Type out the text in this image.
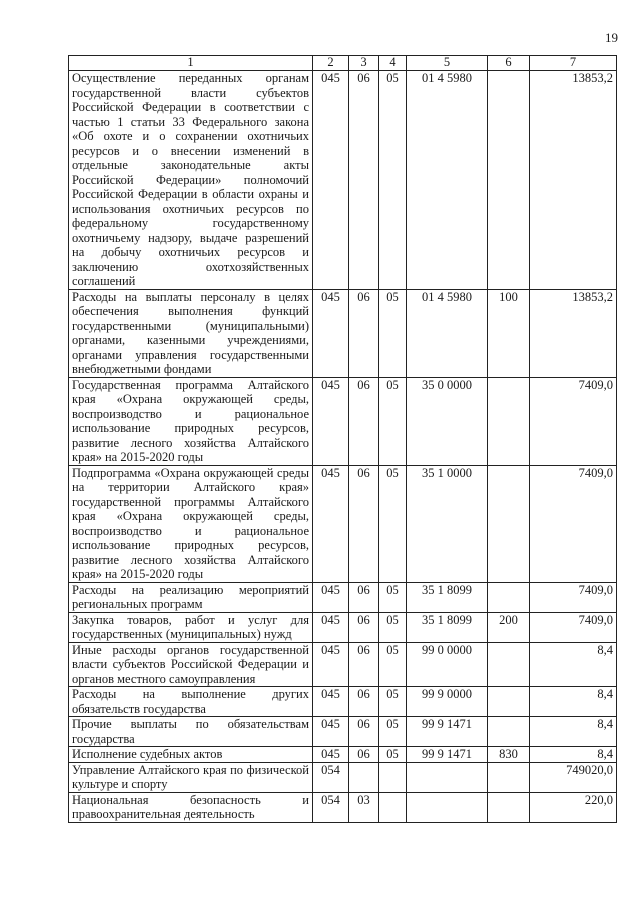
19
1	2	3	4	5	6	7
Осуществление переданных органам государственной власти субъектов Российской Федерации в соответствии с частью 1 статьи 33 Федерального закона «Об охоте и о сохранении охотничьих ресурсов и о внесении изменений в отдельные законодательные акты Российской Федерации» полномочий Российской Федерации в области охраны и использования охотничьих ресурсов по федеральному государственному охотничьему надзору, выдаче разрешений на добычу охотничьих ресурсов и заключению охотхозяйственных соглашений	045	06	05	01 4 5980		13853,2
Расходы на выплаты персоналу в целях обеспечения выполнения функций государственными (муниципальными) органами, казенными учреждениями, органами управления государственными внебюджетными фондами	045	06	05	01 4 5980	100	13853,2
Государственная программа Алтайского края «Охрана окружающей среды, воспроизводство и рациональное использование природных ресурсов, развитие лесного хозяйства Алтайского края» на 2015-2020 годы	045	06	05	35 0 0000		7409,0
Подпрограмма «Охрана окружающей среды на территории Алтайского края» государственной программы Алтайского края «Охрана окружающей среды, воспроизводство и рациональное использование природных ресурсов, развитие лесного хозяйства Алтайского края» на 2015-2020 годы	045	06	05	35 1 0000		7409,0
Расходы на реализацию мероприятий региональных программ	045	06	05	35 1 8099		7409,0
Закупка товаров, работ и услуг для государственных (муниципальных) нужд	045	06	05	35 1 8099	200	7409,0
Иные расходы органов государственной власти субъектов Российской Федерации и органов местного самоуправления	045	06	05	99 0 0000		8,4
Расходы на выполнение других обязательств государства	045	06	05	99 9 0000		8,4
Прочие выплаты по обязательствам государства	045	06	05	99 9 1471		8,4
Исполнение судебных актов	045	06	05	99 9 1471	830	8,4
Управление Алтайского края по физической культуре и спорту	054					749020,0
Национальная безопасность и правоохранительная деятельность	054	03				220,0
